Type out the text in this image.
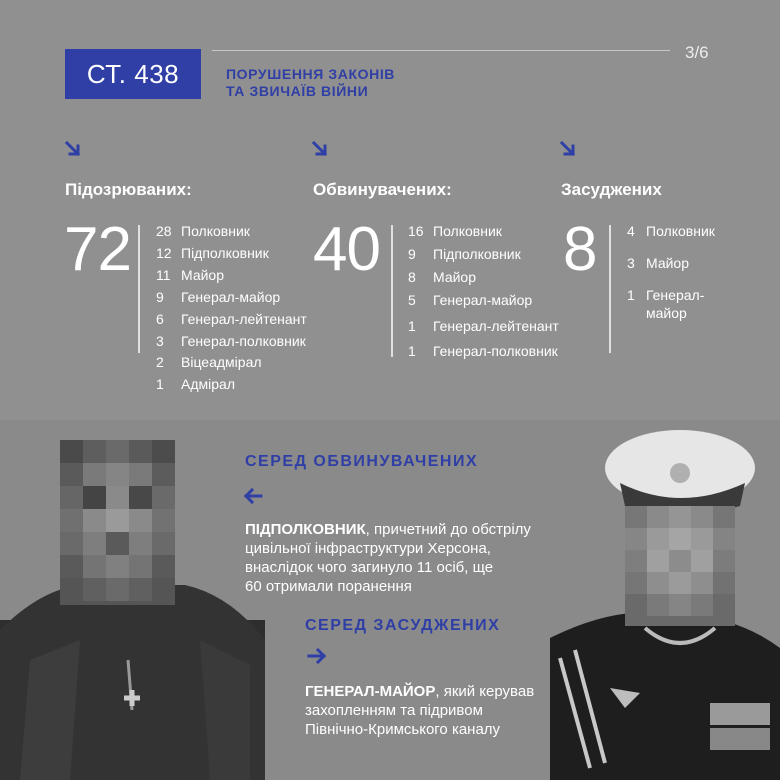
СТ. 438
3/6
ПОРУШЕННЯ ЗАКОНІВ
ТА ЗВИЧАЇВ ВІЙНИ
Підозрюваних:
72 28 Полковник
12 Підполковник
11 Майор
9	Генерал-майор
6	Генерал-лейтенант
3	Генерал-полковник
2	Віцеадмірал
1	Адмірал
Обвинувачених:
40 16 Полковник
9	Підполковник
8	Майор
5	Генерал-майор
1	Генерал-лейтенант
1	Генерал-полковник
Засуджених
8 4 Полковник
3 Майор
1 Генерал-
майор
СЕРЕД ОБВИНУВАЧЕНИХ
ПІДПОЛКОВНИК, причетний до обстрілу
цивільної інфраструктури Херсона,
внаслідок чого загинуло 11 осіб, ще
60 отримали поранення
СЕРЕД ЗАСУДЖЕНИХ
ГЕНЕРАЛ-МАЙОР, який керував
захопленням та підривом
Північно-Кримського каналу
